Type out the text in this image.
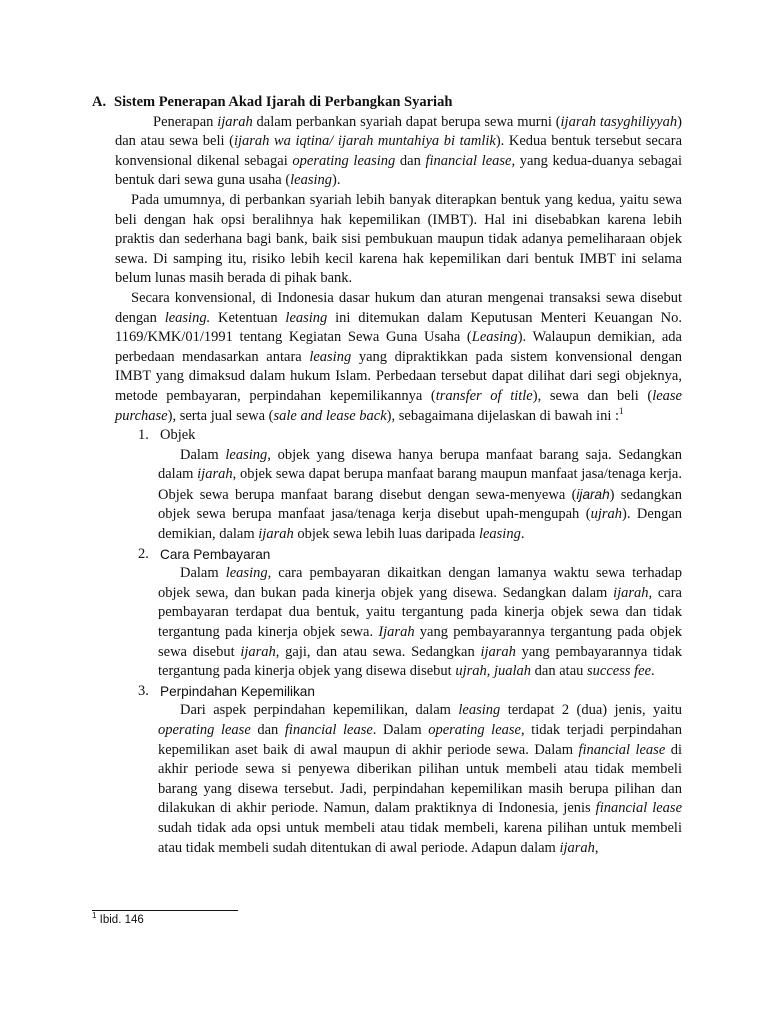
A. Sistem Penerapan Akad Ijarah di Perbangkan Syariah

Penerapan ijarah dalam perbankan syariah dapat berupa sewa murni (ijarah tasyghiliyyah) dan atau sewa beli (ijarah wa iqtina/ ijarah muntahiya bi tamlik). Kedua bentuk tersebut secara konvensional dikenal sebagai operating leasing dan financial lease, yang kedua-duanya sebagai bentuk dari sewa guna usaha (leasing).

Pada umumnya, di perbankan syariah lebih banyak diterapkan bentuk yang kedua, yaitu sewa beli dengan hak opsi beralihnya hak kepemilikan (IMBT). Hal ini disebabkan karena lebih praktis dan sederhana bagi bank, baik sisi pembukuan maupun tidak adanya pemeliharaan objek sewa. Di samping itu, risiko lebih kecil karena hak kepemilikan dari bentuk IMBT ini selama belum lunas masih berada di pihak bank.

Secara konvensional, di Indonesia dasar hukum dan aturan mengenai transaksi sewa disebut dengan leasing. Ketentuan leasing ini ditemukan dalam Keputusan Menteri Keuangan No. 1169/KMK/01/1991 tentang Kegiatan Sewa Guna Usaha (Leasing). Walaupun demikian, ada perbedaan mendasarkan antara leasing yang dipraktikkan pada sistem konvensional dengan IMBT yang dimaksud dalam hukum Islam. Perbedaan tersebut dapat dilihat dari segi objeknya, metode pembayaran, perpindahan kepemilikannya (transfer of title), sewa dan beli (lease purchase), serta jual sewa (sale and lease back), sebagaimana dijelaskan di bawah ini :$^1$

1. Objek

Dalam leasing, objek yang disewa hanya berupa manfaat barang saja. Sedangkan dalam ijarah, objek sewa dapat berupa manfaat barang maupun manfaat jasa/tenaga kerja. Objek sewa berupa manfaat barang disebut dengan sewa-menyewa (ijarah) sedangkan objek sewa berupa manfaat jasa/tenaga kerja disebut upah-mengupah (ujrah). Dengan demikian, dalam ijarah objek sewa lebih luas daripada leasing.

2. Cara Pembayaran

Dalam leasing, cara pembayaran dikaitkan dengan lamanya waktu sewa terhadap objek sewa, dan bukan pada kinerja objek yang disewa. Sedangkan dalam ijarah, cara pembayaran terdapat dua bentuk, yaitu tergantung pada kinerja objek sewa dan tidak tergantung pada kinerja objek sewa. Ijarah yang pembayarannya tergantung pada objek sewa disebut ijarah, gaji, dan atau sewa. Sedangkan ijarah yang pembayarannya tidak tergantung pada kinerja objek yang disewa disebut ujrah, jualah dan atau success fee.

3. Perpindahan Kepemilikan

Dari aspek perpindahan kepemilikan, dalam leasing terdapat 2 (dua) jenis, yaitu operating lease dan financial lease. Dalam operating lease, tidak terjadi perpindahan kepemilikan aset baik di awal maupun di akhir periode sewa. Dalam financial lease di akhir periode sewa si penyewa diberikan pilihan untuk membeli atau tidak membeli barang yang disewa tersebut. Jadi, perpindahan kepemilikan masih berupa pilihan dan dilakukan di akhir periode. Namun, dalam praktiknya di Indonesia, jenis financial lease sudah tidak ada opsi untuk membeli atau tidak membeli, karena pilihan untuk membeli atau tidak membeli sudah ditentukan di awal periode. Adapun dalam ijarah,

$^1$ Ibid. 146
